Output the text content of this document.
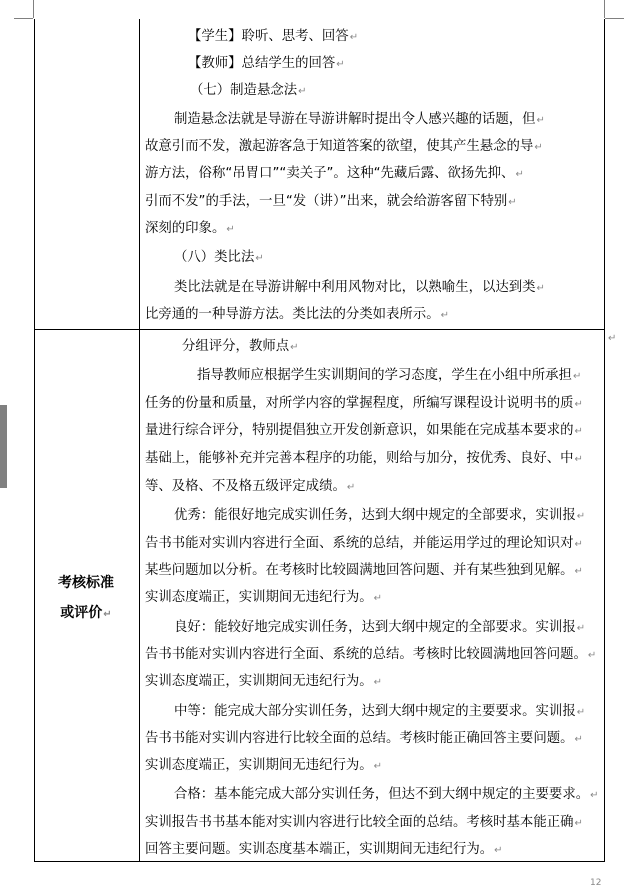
【学生】聆听、思考、回答↵
【教师】总结学生的回答↵
（七）制造悬念法↵
制造悬念法就是导游在导游讲解时提出令人感兴趣的话题，但↵
故意引而不发，激起游客急于知道答案的欲望，使其产生悬念的导↵
游方法，俗称“吊胃口”“卖关子”。这种“先藏后露、欲扬先抑、↵
引而不发”的手法，一旦“发（讲）”出来，就会给游客留下特别↵
深刻的印象。↵
（八）类比法↵
类比法就是在导游讲解中利用风物对比，以熟喻生，以达到类↵
比旁通的一种导游方法。类比法的分类如表所示。↵
分组评分，教师点↵
指导教师应根据学生实训期间的学习态度，学生在小组中所承担↵
任务的份量和质量，对所学内容的掌握程度，所编写课程设计说明书的质↵
量进行综合评分，特别提倡独立开发创新意识，如果能在完成基本要求的↵
基础上，能够补充并完善本程序的功能，则给与加分，按优秀、良好、中↵
等、及格、不及格五级评定成绩。↵
优秀：能很好地完成实训任务，达到大纲中规定的全部要求，实训报↵
告书书能对实训内容进行全面、系统的总结，并能运用学过的理论知识对↵
某些问题加以分析。在考核时比较圆满地回答问题、并有某些独到见解。↵
实训态度端正，实训期间无违纪行为。↵
良好：能较好地完成实训任务，达到大纲中规定的全部要求。实训报↵
告书书能对实训内容进行全面、系统的总结。考核时比较圆满地回答问题。↵
实训态度端正，实训期间无违纪行为。↵
中等：能完成大部分实训任务，达到大纲中规定的主要要求。实训报↵
告书书能对实训内容进行比较全面的总结。考核时能正确回答主要问题。↵
实训态度端正，实训期间无违纪行为。↵
合格：基本能完成大部分实训任务，但达不到大纲中规定的主要要求。↵
实训报告书书基本能对实训内容进行比较全面的总结。考核时基本能正确↵
回答主要问题。实训态度基本端正，实训期间无违纪行为。↵
考核标准
或评价↵
↵
12
